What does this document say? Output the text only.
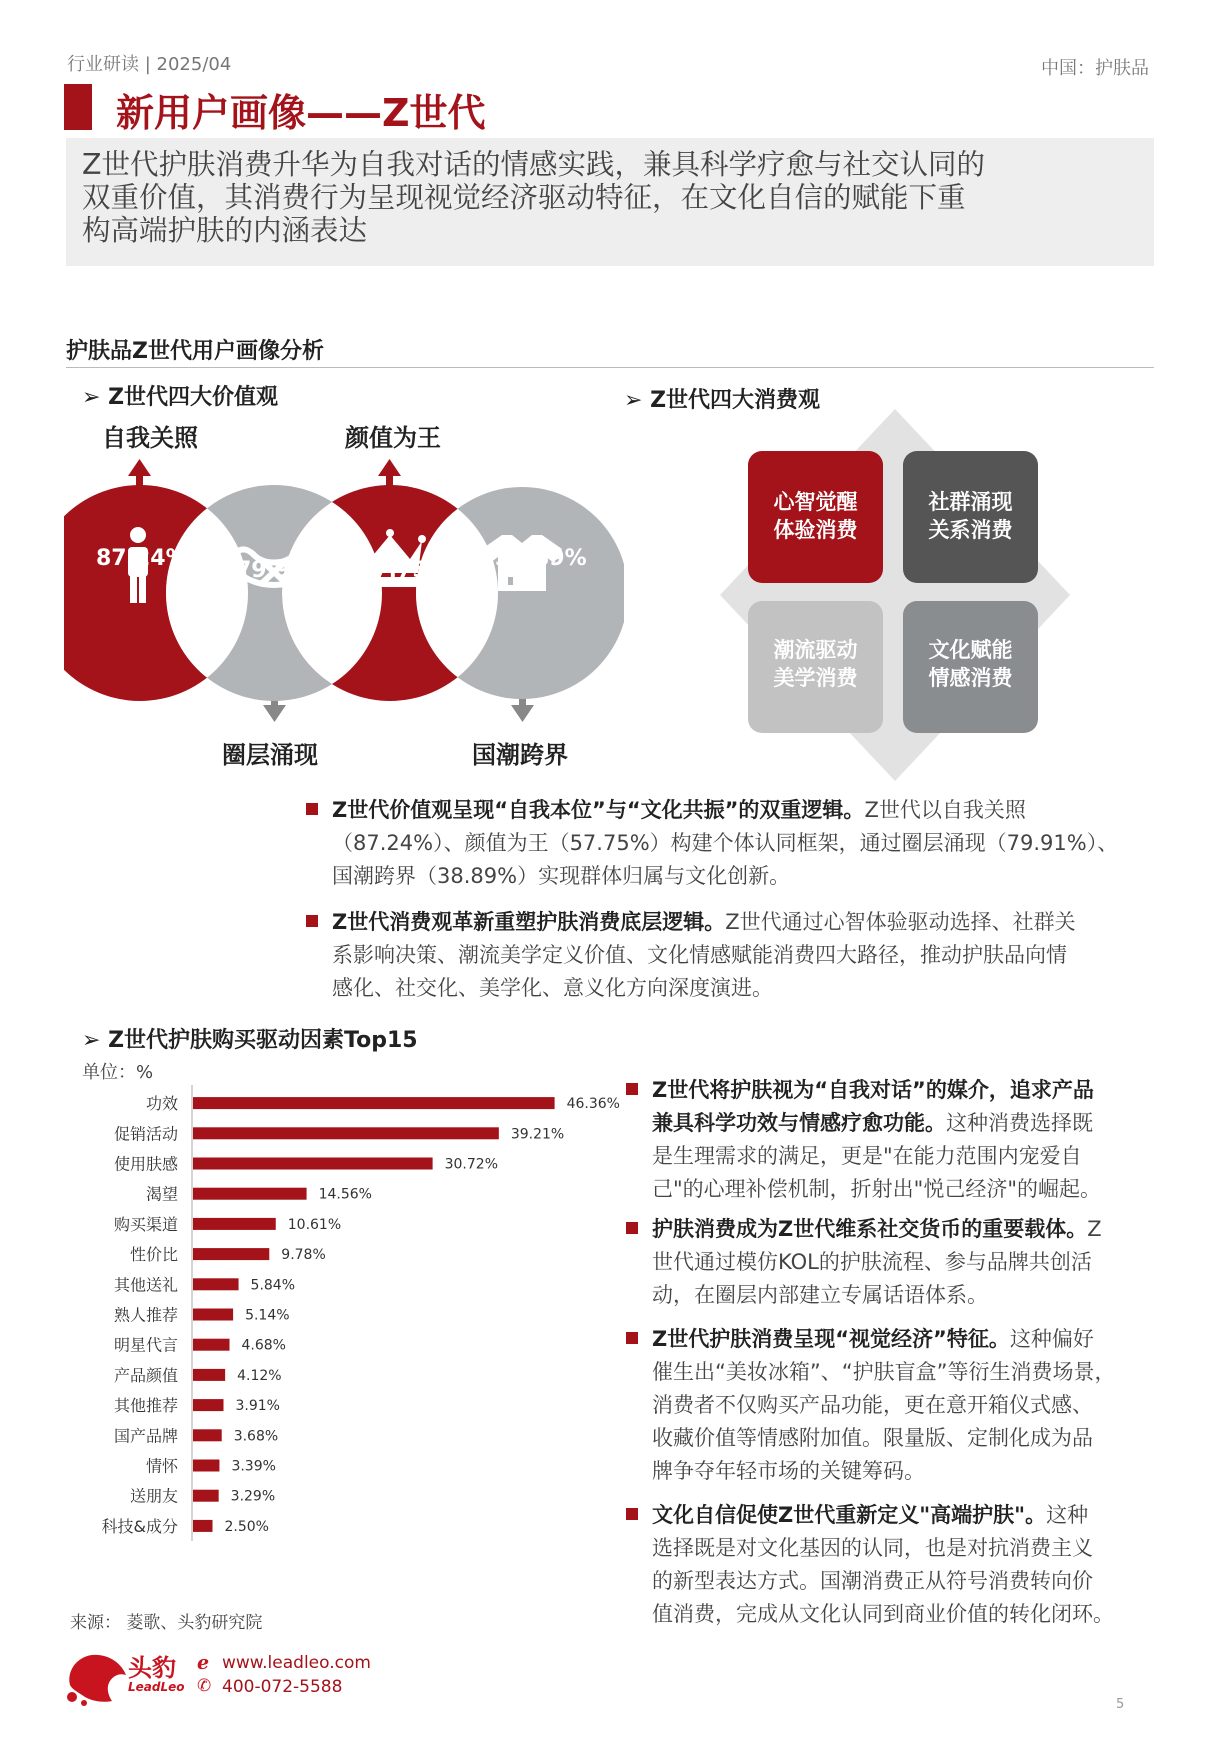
行业研读 | 2025/04	中国：护肤品
新用户画像——Z世代
Z世代护肤消费升华为自我对话的情感实践，兼具科学疗愈与社交认同的
双重价值，其消费行为呈现视觉经济驱动特征，在文化自信的赋能下重
构高端护肤的内涵表达
护肤品Z世代用户画像分析
➢ Z世代四大价值观	➢ Z世代四大消费观
自我关照	颜值为王
圈层涌现	国潮跨界
87.24% 79.91% 57.75% 38.89%
心智觉醒
体验消费
社群涌现
关系消费
潮流驱动
美学消费
文化赋能
情感消费
Z世代价值观呈现“自我本位”与“文化共振”的双重逻辑。Z世代以自我关照
（87.24%）、颜值为王（57.75%）构建个体认同框架，通过圈层涌现（79.91%）、
国潮跨界（38.89%）实现群体归属与文化创新。
Z世代消费观革新重塑护肤消费底层逻辑。Z世代通过心智体验驱动选择、社群关
系影响决策、潮流美学定义价值、文化情感赋能消费四大路径，推动护肤品向情
感化、社交化、美学化、意义化方向深度演进。
➢ Z世代护肤购买驱动因素Top15
单位：%
功效	46.36%
促销活动	39.21%
使用肤感	30.72%
渴望	14.56%
购买渠道	10.61%
性价比	9.78%
其他送礼	5.84%
熟人推荐	5.14%
明星代言	4.68%
产品颜值	4.12%
其他推荐	3.91%
国产品牌	3.68%
情怀	3.39%
送朋友	3.29%
科技&成分	2.50%
来源： 菱歌、头豹研究院
Z世代将护肤视为“自我对话”的媒介，追求产品
兼具科学功效与情感疗愈功能。这种消费选择既
是生理需求的满足，更是"在能力范围内宠爱自
己"的心理补偿机制，折射出"悦己经济"的崛起。
护肤消费成为Z世代维系社交货币的重要载体。Z
世代通过模仿KOL的护肤流程、参与品牌共创活
动，在圈层内部建立专属话语体系。
Z世代护肤消费呈现“视觉经济”特征。这种偏好
催生出“美妆冰箱”、“护肤盲盒”等衍生消费场景，
消费者不仅购买产品功能，更在意开箱仪式感、
收藏价值等情感附加值。限量版、定制化成为品
牌争夺年轻市场的关键筹码。
文化自信促使Z世代重新定义"高端护肤"。这种
选择既是对文化基因的认同，也是对抗消费主义
的新型表达方式。国潮消费正从符号消费转向价
值消费，完成从文化认同到商业价值的转化闭环。
头豹
LeadLeo
ℯ www.leadleo.com
✆ 400-072-5588
5
